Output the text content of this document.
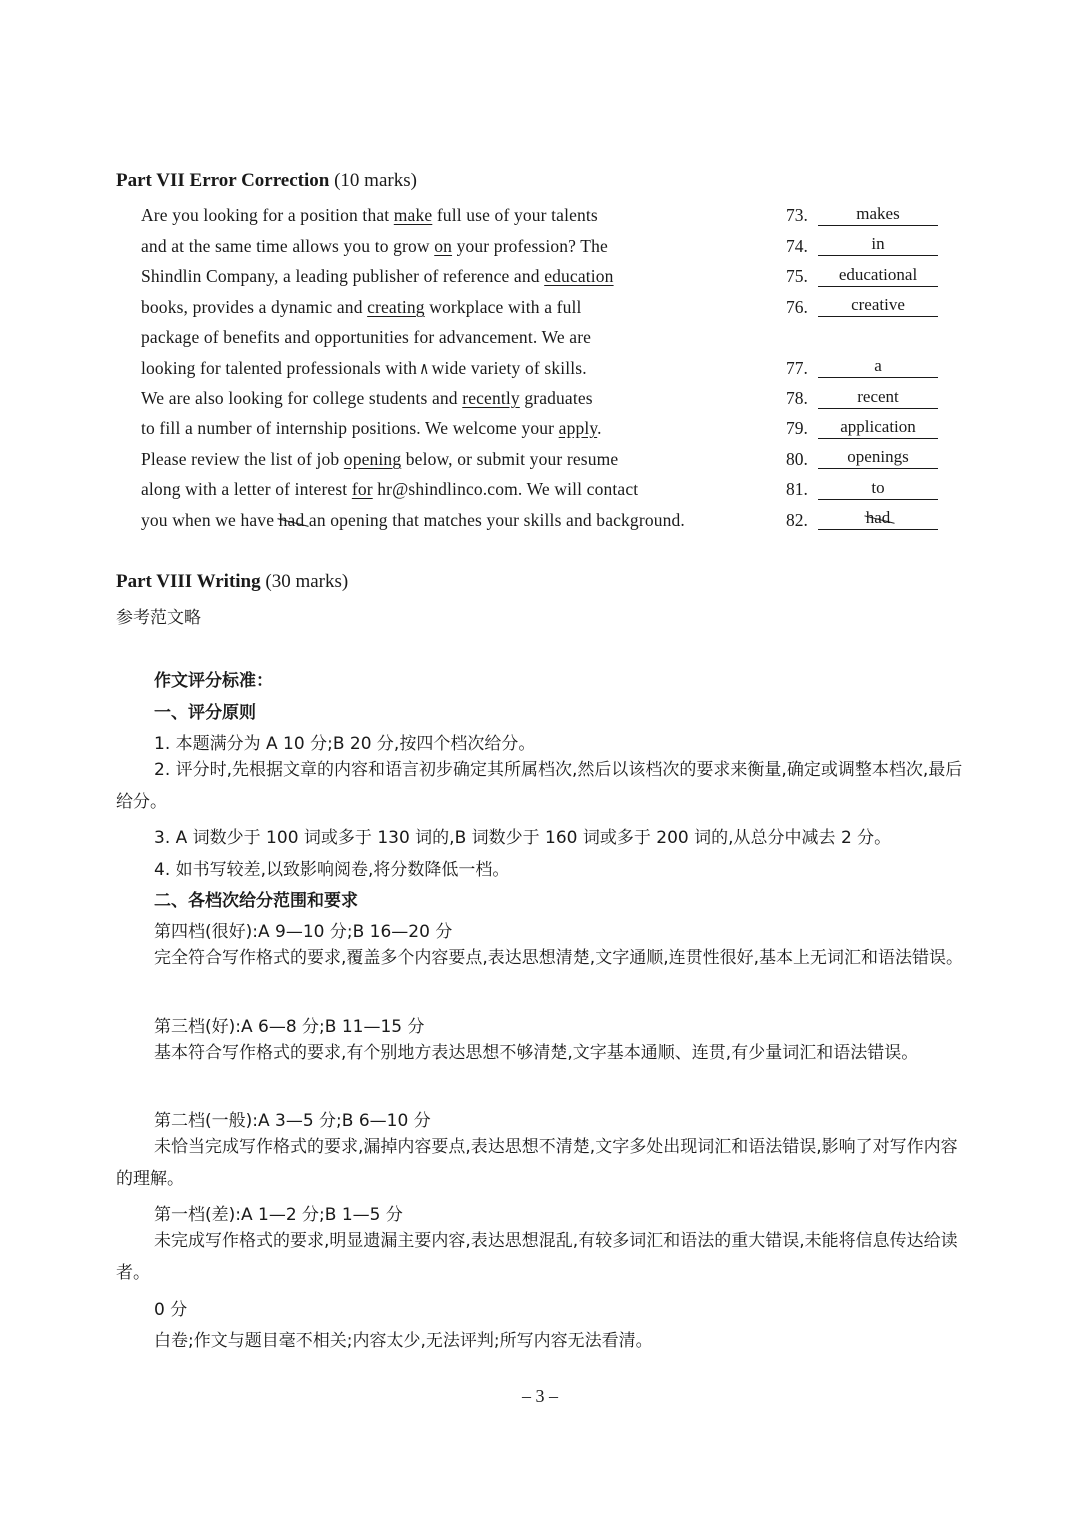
Part VII Error Correction (10 marks)
Are you looking for a position that make full use of your talents
and at the same time allows you to grow on your profession? The
Shindlin Company, a leading publisher of reference and education
books, provides a dynamic and creating workplace with a full
package of benefits and opportunities for advancement. We are
looking for talented professionals with ∧ wide variety of skills.
We are also looking for college students and recently graduates
to fill a number of internship positions. We welcome your apply.
Please review the list of job opening below, or submit your resume
along with a letter of interest for hr@shindlinco.com. We will contact
you when we have had an opening that matches your skills and background.
73.	makes
74.	in
75.	educational
76.	creative
77.	a
78.	recent
79.	application
80.	openings
81.	to
82.	had
Part VIII Writing (30 marks)
参考范文略
作文评分标准：
一、评分原则
1. 本题满分为 A 10 分;B 20 分,按四个档次给分。
2. 评分时,先根据文章的内容和语言初步确定其所属档次,然后以该档次的要求来衡量,确定或调整本档次,最后给分。
3. A 词数少于 100 词或多于 130 词的,B 词数少于 160 词或多于 200 词的,从总分中减去 2 分。
4. 如书写较差,以致影响阅卷,将分数降低一档。
二、各档次给分范围和要求
第四档(很好):A 9—10 分;B 16—20 分
完全符合写作格式的要求,覆盖多个内容要点,表达思想清楚,文字通顺,连贯性很好,基本上无词汇和语法错误。
第三档(好):A 6—8 分;B 11—15 分
基本符合写作格式的要求,有个别地方表达思想不够清楚,文字基本通顺、连贯,有少量词汇和语法错误。
第二档(一般):A 3—5 分;B 6—10 分
未恰当完成写作格式的要求,漏掉内容要点,表达思想不清楚,文字多处出现词汇和语法错误,影响了对写作内容的理解。
第一档(差):A 1—2 分;B 1—5 分
未完成写作格式的要求,明显遗漏主要内容,表达思想混乱,有较多词汇和语法的重大错误,未能将信息传达给读者。
0 分
白卷;作文与题目毫不相关;内容太少,无法评判;所写内容无法看清。
– 3 –
